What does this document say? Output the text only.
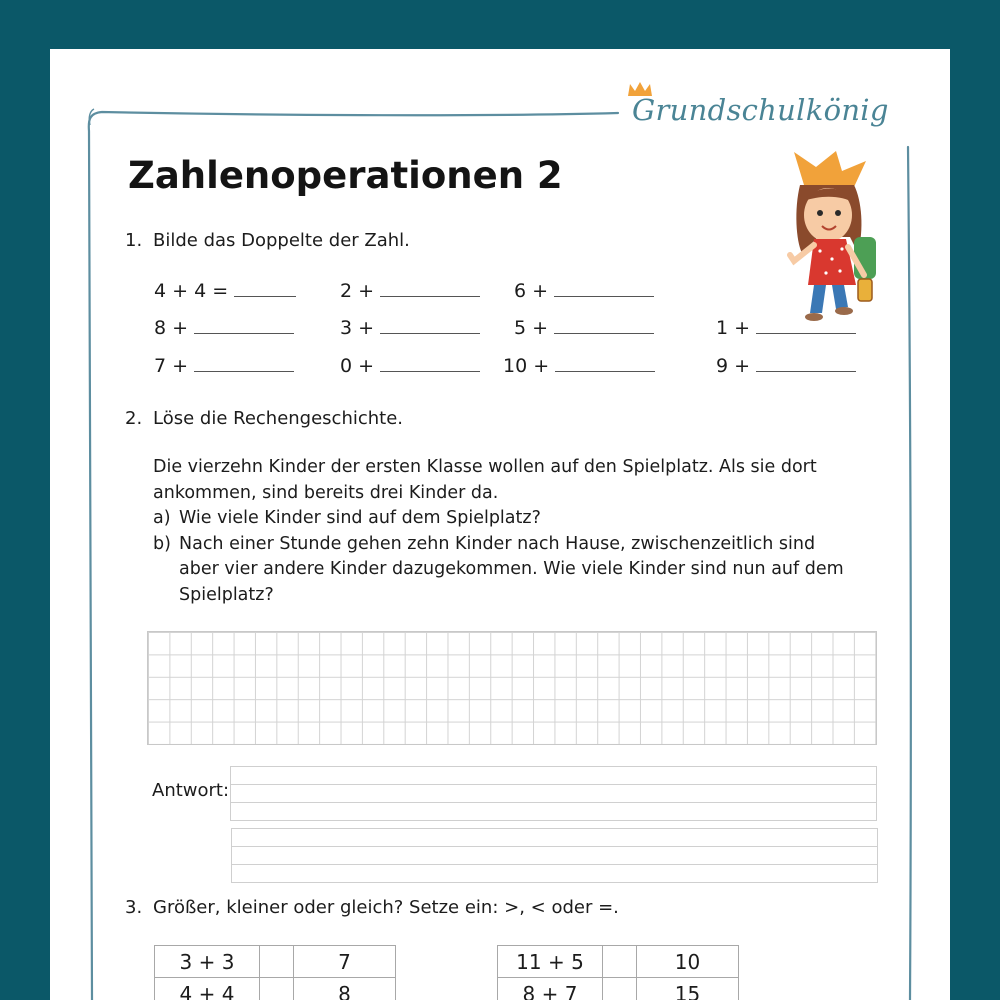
Grundschulkönig
Zahlenoperationen 2
1. Bilde das Doppelte der Zahl.
4 + 4 =	2 +	6 +
8 +	3 +	5 +	1 +
7 +	0 +	10 +	9 +
2. Löse die Rechengeschichte.
Die vierzehn Kinder der ersten Klasse wollen auf den Spielplatz. Als sie dort ankommen, sind bereits drei Kinder da.
a) Wie viele Kinder sind auf dem Spielplatz?
b) Nach einer Stunde gehen zehn Kinder nach Hause, zwischenzeitlich sind aber vier andere Kinder dazugekommen. Wie viele Kinder sind nun auf dem Spielplatz?
Antwort:
3. Größer, kleiner oder gleich? Setze ein: >, < oder =.
3 + 3		7
4 + 4		8
11 + 5		10
8 + 7		15
